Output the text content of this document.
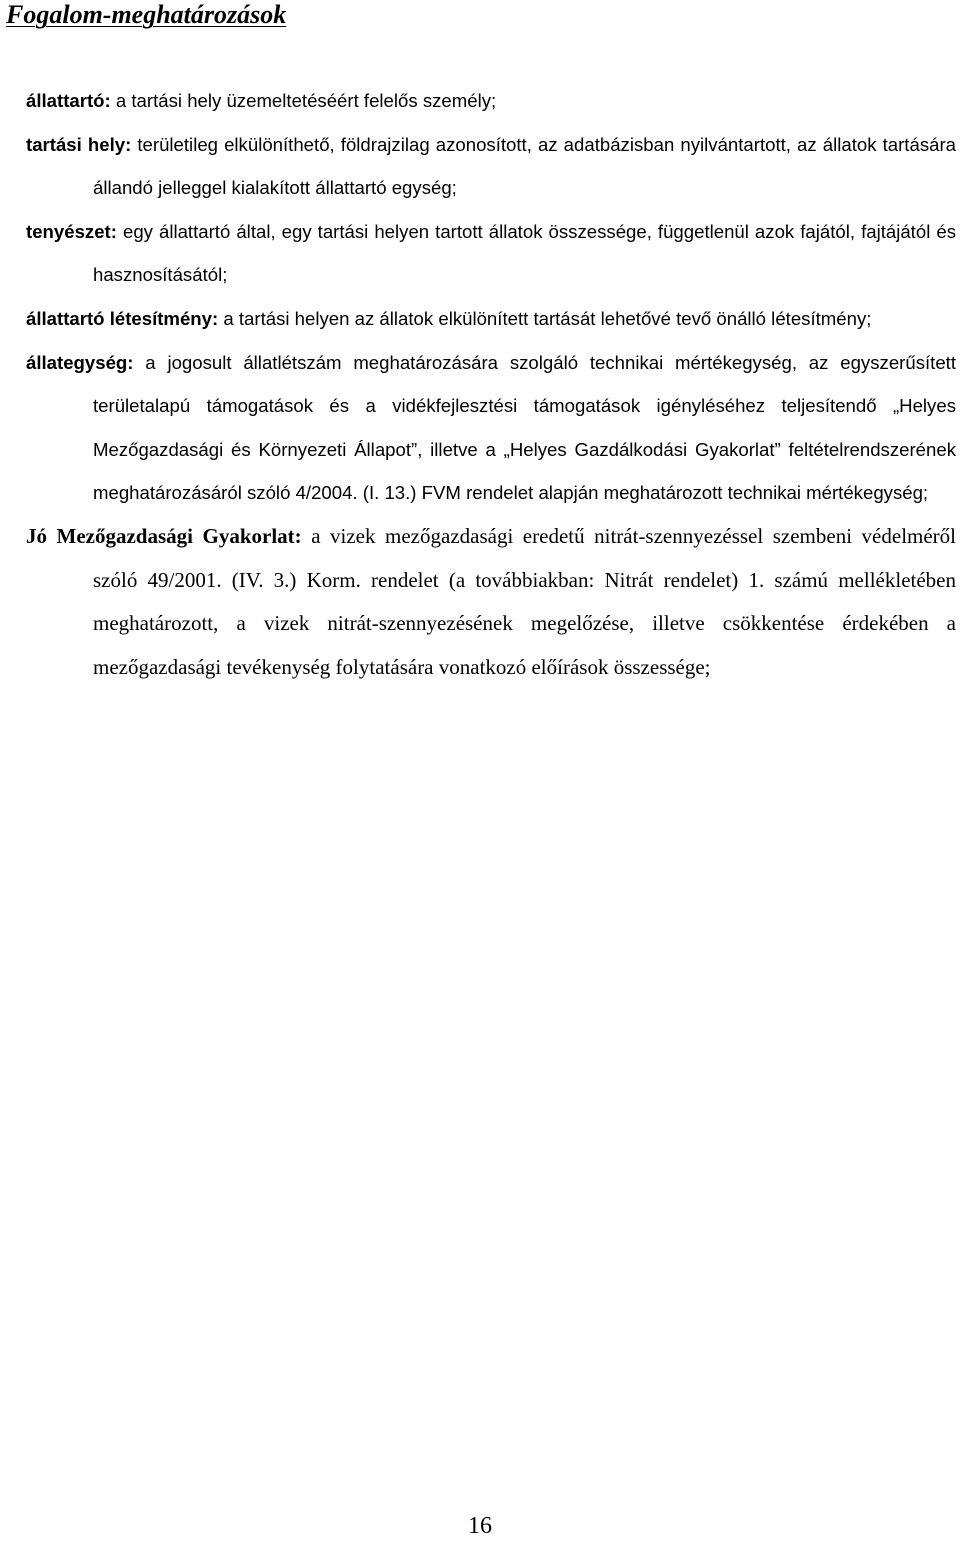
Fogalom-meghatározások

állattartó: a tartási hely üzemeltetéséért felelős személy;

tartási hely: területileg elkülöníthető, földrajzilag azonosított, az adatbázisban nyilvántartott, az állatok tartására állandó jelleggel kialakított állattartó egység;

tenyészet: egy állattartó által, egy tartási helyen tartott állatok összessége, függetlenül azok fajától, fajtájától és hasznosításától;

állattartó létesítmény: a tartási helyen az állatok elkülönített tartását lehetővé tevő önálló létesítmény;

állategység: a jogosult állatlétszám meghatározására szolgáló technikai mértékegység, az egyszerűsített területalapú támogatások és a vidékfejlesztési támogatások igényléséhez teljesítendő „Helyes Mezőgazdasági és Környezeti Állapot”, illetve a „Helyes Gazdálkodási Gyakorlat” feltételrendszerének meghatározásáról szóló 4/2004. (I. 13.) FVM rendelet alapján meghatározott technikai mértékegység;

Jó Mezőgazdasági Gyakorlat: a vizek mezőgazdasági eredetű nitrát-szennyezéssel szembeni védelméről szóló 49/2001. (IV. 3.) Korm. rendelet (a továbbiakban: Nitrát rendelet) 1. számú mellékletében meghatározott, a vizek nitrát-szennyezésének megelőzése, illetve csökkentése érdekében a mezőgazdasági tevékenység folytatására vonatkozó előírások összessége;

16
